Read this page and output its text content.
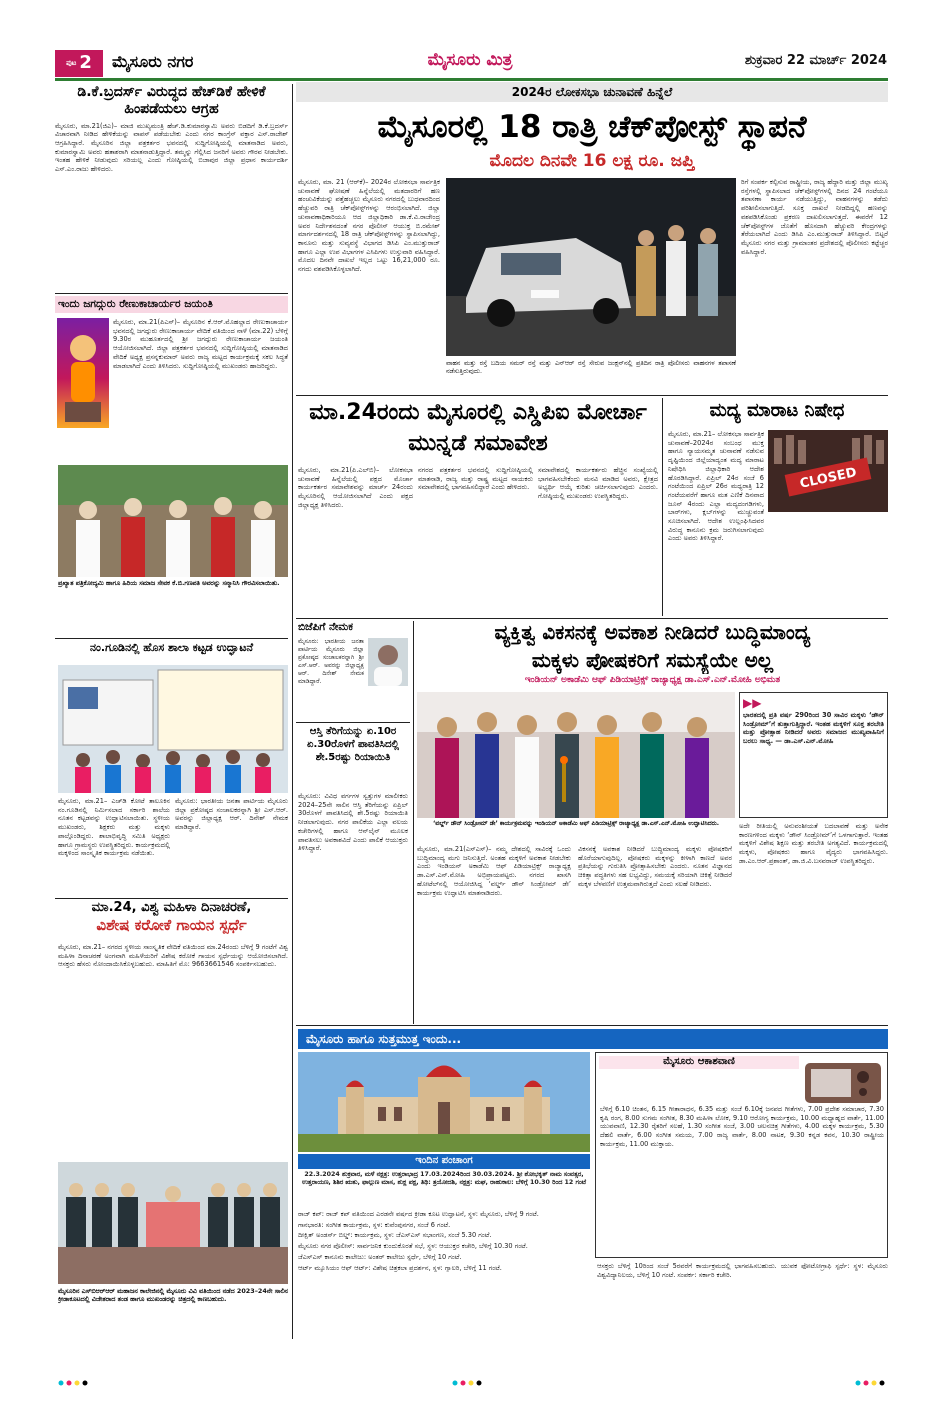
ಪುಟ 2 ಮೈಸೂರು ನಗರ	ಮೈಸೂರು ಮಿತ್ರ	ಶುಕ್ರವಾರ 22 ಮಾರ್ಚ್ 2024
ಡಿ.ಕೆ.ಬ್ರದರ್ಸ್ ವಿರುದ್ಧದ ಹೆಚ್‌ಡಿಕೆ ಹೇಳಿಕೆ ಹಿಂಪಡೆಯಲು ಆಗ್ರಹ
ಮೈಸೂರು, ಮಾ.21(ಜಿಎ)– ಮಾಜಿ ಮುಖ್ಯಮಂತ್ರಿ ಹೆಚ್.ಡಿ.ಕುಮಾರಸ್ವಾಮಿ ಅವರು ಬಿಡದಿಗೆ ಡಿ.ಕೆ.ಬ್ರದರ್ಸ್ ವಿಚಾರವಾಗಿ ನೀಡಿದ ಹೇಳಿಕೆಯನ್ನು ವಾಪಸ್ ಪಡೆಯಬೇಕು ಎಂದು ನಗರ ಕಾಂಗ್ರೆಸ್ ವಕ್ತಾರ ಎಸ್.ರಾಜೇಶ್ ಆಗ್ರಹಿಸಿದ್ದಾರೆ. ಮೈಸೂರಿನ ಜಿಲ್ಲಾ ಪತ್ರಕರ್ತರ ಭವನದಲ್ಲಿ ಸುದ್ದಿಗೋಷ್ಠಿಯಲ್ಲಿ ಮಾತನಾಡಿದ ಅವರು, ಕುಮಾರಸ್ವಾಮಿ ಅವರು ಹತಾಶರಾಗಿ ಮಾತನಾಡುತ್ತಿದ್ದಾರೆ. ತಮ್ಮನ್ನು ಗೆಲ್ಲಿಸಿದ ಜನರಿಗೆ ಅವರು ಗೌರವ ನೀಡಬೇಕು. ಇಂತಹ ಹೇಳಿಕೆ ನೀಡುವುದು ಸರಿಯಲ್ಲ ಎಂದು ಗೋಷ್ಠಿಯಲ್ಲಿ ಬಿಜಾಪುರ ಜಿಲ್ಲಾ ಪ್ರಧಾನ ಕಾರ್ಯದರ್ಶಿ ಎಸ್.ಎಂ.ರಾಜು ಹೇಳಿದರು.
ಇಂದು ಜಗದ್ಗುರು ರೇಣುಕಾಚಾರ್ಯರ ಜಯಂತಿ
ಮೈಸೂರು, ಮಾ.21(ಪಿಎಸ್)– ಮೈಸೂರಿನ ಕೆ.ಆರ್.ಮೊಹಲ್ಲಾದ ರೇಣುಕಾಚಾರ್ಯ ಭವನದಲ್ಲಿ ಜಗದ್ಗುರು ರೇಣುಕಾಚಾರ್ಯ ವೇದಿಕೆ ವತಿಯಿಂದ ನಾಳೆ (ಮಾ.22) ಬೆಳಿಗ್ಗೆ 9.30ರ ಮುಹೂರ್ತದಲ್ಲಿ ಶ್ರೀ ಜಗದ್ಗುರು ರೇಣುಕಾಚಾರ್ಯ ಜಯಂತಿ ಆಯೋಜಿಸಲಾಗಿದೆ. ಜಿಲ್ಲಾ ಪತ್ರಕರ್ತರ ಭವನದಲ್ಲಿ ಸುದ್ದಿಗೋಷ್ಠಿಯಲ್ಲಿ ಮಾತನಾಡಿದ ವೇದಿಕೆ ಅಧ್ಯಕ್ಷ ಪ್ರಸನ್ನಕುಮಾರ್ ಅವರು ರಾಜ್ಯ ಮಟ್ಟದ ಕಾರ್ಯಕ್ರಮಕ್ಕೆ ಸಕಲ ಸಿದ್ಧತೆ ಮಾಡಲಾಗಿದೆ ಎಂದು ತಿಳಿಸಿದರು. ಸುದ್ದಿಗೋಷ್ಠಿಯಲ್ಲಿ ಮುಖಂಡರು ಹಾಜರಿದ್ದರು.
ಪ್ರಖ್ಯಾತ ಪತ್ರಿಕೋದ್ಯಮಿ ಹಾಗೂ ಹಿರಿಯ ಸಮಾಜ ಸೇವಕ ಕೆ.ಬಿ.ಗಣಪತಿ ಅವರನ್ನು ಸನ್ಮಾನಿಸಿ ಗೌರವಿಸಲಾಯಿತು.
ನಂ.ಗೂಡಿನಲ್ಲಿ ಹೊಸ ಶಾಲಾ ಕಟ್ಟಡ ಉದ್ಘಾಟನೆ
ಮೈಸೂರು, ಮಾ.21– ಎಚ್‌ಡಿ ಕೋಟೆ ತಾಲೂಕಿನ ನಂ.ಗೂಡಿನಲ್ಲಿ ನಿರ್ಮಿಸಲಾದ ಸರ್ಕಾರಿ ಶಾಲೆಯ ನೂತನ ಕಟ್ಟಡವನ್ನು ಉದ್ಘಾಟಿಸಲಾಯಿತು. ಸ್ಥಳೀಯ ಮುಖಂಡರು, ಶಿಕ್ಷಕರು ಮತ್ತು ಮಕ್ಕಳು ಪಾಲ್ಗೊಂಡಿದ್ದರು. ಶಾಲಾಭಿವೃದ್ಧಿ ಸಮಿತಿ ಅಧ್ಯಕ್ಷರು ಹಾಗೂ ಗ್ರಾಮಸ್ಥರು ಉಪಸ್ಥಿತರಿದ್ದರು. ಕಾರ್ಯಕ್ರಮದಲ್ಲಿ ಮಕ್ಕಳಿಂದ ಸಾಂಸ್ಕೃತಿಕ ಕಾರ್ಯಕ್ರಮ ನಡೆಯಿತು.
ಮೈಸೂರು: ಭಾರತೀಯ ಜನತಾ ಪಾರ್ಟಿಯ ಮೈಸೂರು ಜಿಲ್ಲಾ ಪ್ರಕೋಷ್ಠದ ಸಂಚಾಲಕರನ್ನಾಗಿ ಶ್ರೀ ಎಸ್.ಆರ್. ಅವರನ್ನು ಜಿಲ್ಲಾಧ್ಯಕ್ಷ ಆರ್. ದಿನೇಶ್ ನೇಮಕ ಮಾಡಿದ್ದಾರೆ.
ಮಾ.24, ವಿಶ್ವ ಮಹಿಳಾ ದಿನಾಚರಣೆ,
ವಿಶೇಷ ಕರೋಕೆ ಗಾಯನ ಸ್ಪರ್ಧೆ
ಮೈಸೂರು, ಮಾ.21– ನಗರದ ಸ್ಥಳೀಯ ಸಾಂಸ್ಕೃತಿಕ ವೇದಿಕೆ ವತಿಯಿಂದ ಮಾ.24ರಂದು ಬೆಳಿಗ್ಗೆ 9 ಗಂಟೆಗೆ ವಿಶ್ವ ಮಹಿಳಾ ದಿನಾಚರಣೆ ಅಂಗವಾಗಿ ಮಹಿಳೆಯರಿಗೆ ವಿಶೇಷ ಕರೋಕೆ ಗಾಯನ ಸ್ಪರ್ಧೆಯನ್ನು ಆಯೋಜಿಸಲಾಗಿದೆ. ಆಸಕ್ತರು ಹೆಸರು ನೋಂದಾಯಿಸಿಕೊಳ್ಳಬಹುದು. ಮಾಹಿತಿಗೆ ಮೊ: 9663661546 ಸಂಪರ್ಕಿಸಬಹುದು.
ಮೈಸೂರಿನ ಎಸ್‌ಬಿಆರ್‌ಆರ್ ಮಹಾಜನ ಕಾಲೇಜಿನಲ್ಲಿ ಮೈಸೂರು ವಿವಿ ವತಿಯಿಂದ ನಡೆದ 2023–24ನೇ ಸಾಲಿನ ಕ್ರೀಡಾಕೂಟದಲ್ಲಿ ವಿಜೇತರಾದ ತಂಡ ಹಾಗೂ ಮುಖಂಡರನ್ನು ಚಿತ್ರದಲ್ಲಿ ಕಾಣಬಹುದು.
2024ರ ಲೋಕಸಭಾ ಚುನಾವಣೆ ಹಿನ್ನೆಲೆ
ಮೈಸೂರಲ್ಲಿ 18 ರಾತ್ರಿ ಚೆಕ್‌ಪೋಸ್ಟ್ ಸ್ಥಾಪನೆ
ಮೊದಲ ದಿನವೇ 16 ಲಕ್ಷ ರೂ. ಜಪ್ತಿ
ಮೈಸೂರು, ಮಾ. 21 (ಆರ್‌ಕೆ)– 2024ರ ಲೋಕಸಭಾ ಸಾರ್ವತ್ರಿಕ ಚುನಾವಣೆ ಘೋಷಣೆ ಹಿನ್ನೆಲೆಯಲ್ಲಿ ಮತದಾರರಿಗೆ ಹಣ ಹಂಚುವಿಕೆಯನ್ನು ಪತ್ತೆಹಚ್ಚಲು ಮೈಸೂರು ನಗರದಲ್ಲಿ ಬುಧವಾರದಿಂದ ಹೆಚ್ಚುವರಿ ರಾತ್ರಿ ಚೆಕ್‌ಪೋಸ್ಟ್‌ಗಳನ್ನು ಆರಂಭಿಸಲಾಗಿದೆ. ಜಿಲ್ಲಾ ಚುನಾವಣಾಧಿಕಾರಿಯೂ ಆದ ಜಿಲ್ಲಾಧಿಕಾರಿ ಡಾ.ಕೆ.ವಿ.ರಾಜೇಂದ್ರ ಅವರ ನಿರ್ದೇಶನದಂತೆ ನಗರ ಪೊಲೀಸ್ ಆಯುಕ್ತ ಬಿ.ರಮೇಶ್ ಮಾರ್ಗದರ್ಶನದಲ್ಲಿ 18 ರಾತ್ರಿ ಚೆಕ್‌ಪೋಸ್ಟ್‌ಗಳನ್ನು ಸ್ಥಾಪಿಸಲಾಗಿದ್ದು, ಕಾನೂನು ಮತ್ತು ಸುವ್ಯವಸ್ಥೆ ವಿಭಾಗದ ಡಿಸಿಪಿ ಎಂ.ಮುತ್ತುರಾಜ್ ಹಾಗೂ ಎಲ್ಲಾ ಉಪ ವಿಭಾಗಗಳ ಎಸಿಪಿಗಳು ಉಸ್ತುವಾರಿ ವಹಿಸಿದ್ದಾರೆ. ಮೊದಲ ದಿನವೇ ದಾಖಲೆ ಇಲ್ಲದ ಒಟ್ಟು 16,21,000 ರೂ. ನಗದು ವಶಪಡಿಸಿಕೊಳ್ಳಲಾಗಿದೆ.
ರಿಗೆ ಸಂಪರ್ಕ ಕಲ್ಪಿಸುವ ರಾಷ್ಟ್ರೀಯ, ರಾಜ್ಯ ಹೆದ್ದಾರಿ ಮತ್ತು ಜಿಲ್ಲಾ ಮುಖ್ಯ ರಸ್ತೆಗಳಲ್ಲಿ ಸ್ಥಾಪಿಸಲಾದ ಚೆಕ್‌ಪೋಸ್ಟ್‌ಗಳಲ್ಲಿ ದಿನದ 24 ಗಂಟೆಯೂ ತಪಾಸಣಾ ಕಾರ್ಯ ನಡೆಯುತ್ತಿದ್ದು, ವಾಹನಗಳನ್ನು ತಡೆದು ಪರಿಶೀಲಿಸಲಾಗುತ್ತಿದೆ. ಸೂಕ್ತ ದಾಖಲೆ ನೀಡದಿದ್ದಲ್ಲಿ ಹಣವನ್ನು ವಶಪಡಿಸಿಕೊಂಡು ಪ್ರಕರಣ ದಾಖಲಿಸಲಾಗುತ್ತದೆ. ಈವರೆಗೆ 12 ಚೆಕ್‌ಪೋಸ್ಟ್‌ಗಳ ಜೊತೆಗೆ ಹೊಸದಾಗಿ ಹೆಚ್ಚುವರಿ ಕೇಂದ್ರಗಳನ್ನು ತೆರೆಯಲಾಗಿದೆ ಎಂದು ಡಿಸಿಪಿ ಎಂ.ಮುತ್ತುರಾಜ್ ತಿಳಿಸಿದ್ದಾರೆ. ಬಿಟ್ಟರೆ ಮೈಸೂರು ನಗರ ಮತ್ತು ಗ್ರಾಮಾಂತರ ಪ್ರದೇಶದಲ್ಲಿ ಪೊಲೀಸರು ಕಟ್ಟೆಚ್ಚರ ವಹಿಸಿದ್ದಾರೆ.
ವಾಹನ ಮತ್ತು ರಸ್ತೆ ಬದಿಯ ಸಮರ್ ರಸ್ತೆ ಮತ್ತು ಎನ್ಆರ್ ರಸ್ತೆ ಸೇರುವ ಜಂಕ್ಷನ್‌ನಲ್ಲಿ ಪ್ರತಿದಿನ ರಾತ್ರಿ ಪೊಲೀಸರು ವಾಹನಗಳ ತಪಾಸಣೆ ನಡೆಸುತ್ತಿರುವುದು.
ಮಾ.24ರಂದು ಮೈಸೂರಲ್ಲಿ ಎಸ್ಡಿಪಿಐ ಮೋರ್ಚಾ ಮುನ್ನಡೆ ಸಮಾವೇಶ
ಮೈಸೂರು, ಮಾ.21(ಪಿ.ಎಲ್‌ಬಿ)– ಲೋಕಸಭಾ ಚುನಾವಣೆ ಹಿನ್ನೆಲೆಯಲ್ಲಿ ಪಕ್ಷದ ಮೊರ್ಚಾ ಕಾರ್ಯಕರ್ತರ ಸಮಾವೇಶವನ್ನು ಮಾರ್ಚ್ 24ರಂದು ಮೈಸೂರಿನಲ್ಲಿ ಆಯೋಜಿಸಲಾಗಿದೆ ಎಂದು ಪಕ್ಷದ ಜಿಲ್ಲಾಧ್ಯಕ್ಷ ತಿಳಿಸಿದರು.
ನಗರದ ಪತ್ರಕರ್ತರ ಭವನದಲ್ಲಿ ಸುದ್ದಿಗೋಷ್ಠಿಯಲ್ಲಿ ಮಾತನಾಡಿ, ರಾಜ್ಯ ಮತ್ತು ರಾಷ್ಟ್ರ ಮಟ್ಟದ ನಾಯಕರು ಸಮಾವೇಶದಲ್ಲಿ ಭಾಗವಹಿಸಲಿದ್ದಾರೆ ಎಂದು ಹೇಳಿದರು.
ಸಮಾವೇಶದಲ್ಲಿ ಕಾರ್ಯಕರ್ತರು ಹೆಚ್ಚಿನ ಸಂಖ್ಯೆಯಲ್ಲಿ ಭಾಗವಹಿಸಬೇಕೆಂದು ಮನವಿ ಮಾಡಿದ ಅವರು, ಕ್ಷೇತ್ರದ ಅಭ್ಯರ್ಥಿ ಆಯ್ಕೆ ಕುರಿತು ಚರ್ಚಿಸಲಾಗುವುದು ಎಂದರು. ಗೋಷ್ಠಿಯಲ್ಲಿ ಮುಖಂಡರು ಉಪಸ್ಥಿತರಿದ್ದರು.
ಮದ್ಯ ಮಾರಾಟ ನಿಷೇಧ
CLOSED
ಮೈಸೂರು, ಮಾ.21– ಲೋಕಸಭಾ ಸಾರ್ವತ್ರಿಕ ಚುನಾವಣೆ–2024ರ ಸಂಬಂಧ ಮುಕ್ತ ಹಾಗೂ ನ್ಯಾಯಸಮ್ಮತ ಚುನಾವಣೆ ನಡೆಸುವ ದೃಷ್ಟಿಯಿಂದ ಜಿಲ್ಲೆಯಾದ್ಯಂತ ಮದ್ಯ ಮಾರಾಟ ನಿಷೇಧಿಸಿ ಜಿಲ್ಲಾಧಿಕಾರಿ ಆದೇಶ ಹೊರಡಿಸಿದ್ದಾರೆ. ಏಪ್ರಿಲ್ 24ರ ಸಂಜೆ 6 ಗಂಟೆಯಿಂದ ಏಪ್ರಿಲ್ 26ರ ಮಧ್ಯರಾತ್ರಿ 12 ಗಂಟೆಯವರೆಗೆ ಹಾಗೂ ಮತ ಎಣಿಕೆ ದಿನವಾದ ಜೂನ್ 4ರಂದು ಎಲ್ಲಾ ಮದ್ಯದಂಗಡಿಗಳು, ಬಾರ್‌ಗಳು, ಕ್ಲಬ್‌ಗಳನ್ನು ಮುಚ್ಚುವಂತೆ ಸೂಚಿಸಲಾಗಿದೆ. ಆದೇಶ ಉಲ್ಲಂಘಿಸಿದವರ ವಿರುದ್ಧ ಕಾನೂನು ಕ್ರಮ ಜರುಗಿಸಲಾಗುವುದು ಎಂದು ಅವರು ತಿಳಿಸಿದ್ದಾರೆ.
ಬಿಜೆಪಿಗೆ ನೇಮಕ
ಮೈಸೂರು: ಭಾರತೀಯ ಜನತಾ ಪಾರ್ಟಿಯ ಮೈಸೂರು ಜಿಲ್ಲಾ ಪ್ರಕೋಷ್ಠದ ಸಂಚಾಲಕರನ್ನಾಗಿ ಶ್ರೀ ಎಸ್.ಆರ್. ಅವರನ್ನು ಜಿಲ್ಲಾಧ್ಯಕ್ಷ ಆರ್. ದಿನೇಶ್ ನೇಮಕ ಮಾಡಿದ್ದಾರೆ.
ಆಸ್ತಿ ತೆರಿಗೆಯನ್ನು ಏ.10ರ ಏ.30ರೊಳಗೆ ಪಾವತಿಸಿದಲ್ಲಿ ಶೇ.5ರಷ್ಟು ರಿಯಾಯಿತಿ
ಮೈಸೂರು: ವಿವಿಧ ವರ್ಗಗಳ ಸ್ವತ್ತುಗಳ ಮಾಲೀಕರು 2024–25ನೇ ಸಾಲಿನ ಆಸ್ತಿ ತೆರಿಗೆಯನ್ನು ಏಪ್ರಿಲ್ 30ರೊಳಗೆ ಪಾವತಿಸಿದಲ್ಲಿ ಶೇ.5ರಷ್ಟು ರಿಯಾಯಿತಿ ನೀಡಲಾಗುವುದು. ನಗರ ಪಾಲಿಕೆಯ ಎಲ್ಲಾ ವಲಯ ಕಚೇರಿಗಳಲ್ಲಿ ಹಾಗೂ ಆನ್‌ಲೈನ್ ಮೂಲಕ ಪಾವತಿಸಲು ಅವಕಾಶವಿದೆ ಎಂದು ಪಾಲಿಕೆ ಆಯುಕ್ತರು ತಿಳಿಸಿದ್ದಾರೆ.
ವ್ಯಕ್ತಿತ್ವ ವಿಕಸನಕ್ಕೆ ಅವಕಾಶ ನೀಡಿದರೆ ಬುದ್ಧಿಮಾಂದ್ಯ
ಮಕ್ಕಳು ಪೋಷಕರಿಗೆ ಸಮಸ್ಯೆಯೇ ಅಲ್ಲ
ಇಂಡಿಯನ್ ಅಕಾಡೆಮಿ ಆಫ್ ಪಿಡಿಯಾಟ್ರಿಕ್ಸ್ ರಾಜ್ಯಾಧ್ಯಕ್ಷ ಡಾ.ಎಸ್.ಎನ್.ಮೋಹಿ ಅಭಿಮತ
▶▶
ಭಾರತದಲ್ಲಿ ಪ್ರತಿ ವರ್ಷ 290ರಿಂದ 30 ಸಾವಿರ ಮಕ್ಕಳು ‘ಡೌನ್ ಸಿಂಡ್ರೋಮ್’ಗೆ ತುತ್ತಾಗುತ್ತಿದ್ದಾರೆ. ಇಂತಹ ಮಕ್ಕಳಿಗೆ ಸೂಕ್ತ ತರಬೇತಿ ಮತ್ತು ಪ್ರೋತ್ಸಾಹ ನೀಡಿದರೆ ಅವರು ಸಮಾಜದ ಮುಖ್ಯವಾಹಿನಿಗೆ ಬರಲು ಸಾಧ್ಯ. — ಡಾ.ಎಸ್.ಎನ್.ಮೋಹಿ
‘ವರ್ಲ್ಡ್ ಡೌನ್ ಸಿಂಡ್ರೋಮ್ ಡೇ’ ಕಾರ್ಯಕ್ರಮವನ್ನು ಇಂಡಿಯನ್ ಅಕಾಡೆಮಿ ಆಫ್ ಪಿಡಿಯಾಟ್ರಿಕ್ಸ್ ರಾಜ್ಯಾಧ್ಯಕ್ಷ ಡಾ.ಎಸ್.ಎನ್.ಮೋಹಿ ಉದ್ಘಾಟಿಸಿದರು.
ಮೈಸೂರು, ಮಾ.21(ಎಸ್‌ಎಸ್)– ನಮ್ಮ ದೇಶದಲ್ಲಿ ಸಾವಿರಕ್ಕೆ ಒಂದು ಬುದ್ಧಿಮಾಂದ್ಯ ಮಗು ಜನಿಸುತ್ತಿದೆ. ಅಂತಹ ಮಕ್ಕಳಿಗೆ ಅವಕಾಶ ನೀಡಬೇಕು ಎಂದು ಇಂಡಿಯನ್ ಅಕಾಡೆಮಿ ಆಫ್ ಪಿಡಿಯಾಟ್ರಿಕ್ಸ್ ರಾಜ್ಯಾಧ್ಯಕ್ಷ ಡಾ.ಎಸ್.ಎನ್.ಮೋಹಿ ಅಭಿಪ್ರಾಯಪಟ್ಟರು. ನಗರದ ಖಾಸಗಿ ಹೋಟೆಲ್‌ನಲ್ಲಿ ಆಯೋಜಿಸಿದ್ದ ‘ವರ್ಲ್ಡ್ ಡೌನ್ ಸಿಂಡ್ರೋಮ್ ಡೇ’ ಕಾರ್ಯಕ್ರಮ ಉದ್ಘಾಟಿಸಿ ಮಾತನಾಡಿದರು.
ವಿಕಸನಕ್ಕೆ ಅವಕಾಶ ನೀಡಿದರೆ ಬುದ್ಧಿಮಾಂದ್ಯ ಮಕ್ಕಳು ಪೋಷಕರಿಗೆ ಹೊರೆಯಾಗುವುದಿಲ್ಲ. ಪೋಷಕರು ಮಕ್ಕಳನ್ನು ಕೀಳಾಗಿ ಕಾಣದೆ ಅವರ ಪ್ರತಿಭೆಯನ್ನು ಗುರುತಿಸಿ ಪ್ರೋತ್ಸಾಹಿಸಬೇಕು ಎಂದರು. ನೂತನ ವಿಜ್ಞಾನದ ಚಿಕಿತ್ಸಾ ಪದ್ಧತಿಗಳು ಸಹ ಲಭ್ಯವಿದ್ದು, ಸಮಯಕ್ಕೆ ಸರಿಯಾಗಿ ಚಿಕಿತ್ಸೆ ನೀಡಿದರೆ ಮಕ್ಕಳ ಬೆಳವಣಿಗೆ ಉತ್ತಮವಾಗಿರುತ್ತದೆ ಎಂದು ಸಲಹೆ ನೀಡಿದರು.
ಅದೇ ರೀತಿಯಲ್ಲಿ ಅನುವಂಶೀಯತೆ ಬದಲಾವಣೆ ಮತ್ತು ಅನೇಕ ಕಾರಣಗಳಿಂದ ಮಕ್ಕಳು ‘ಡೌನ್ ಸಿಂಡ್ರೋಮ್’ಗೆ ಒಳಗಾಗುತ್ತಾರೆ. ಇಂತಹ ಮಕ್ಕಳಿಗೆ ವಿಶೇಷ ಶಿಕ್ಷಣ ಮತ್ತು ತರಬೇತಿ ಅಗತ್ಯವಿದೆ. ಕಾರ್ಯಕ್ರಮದಲ್ಲಿ ಮಕ್ಕಳು, ಪೋಷಕರು ಹಾಗೂ ವೈದ್ಯರು ಭಾಗವಹಿಸಿದ್ದರು. ಡಾ.ಎಂ.ಆರ್.ಪ್ರಶಾಂತ್, ಡಾ.ಜಿ.ವಿ.ಬಸವರಾಜ್ ಉಪಸ್ಥಿತರಿದ್ದರು.
ಮೈಸೂರು ಹಾಗೂ ಸುತ್ತಮುತ್ತ ಇಂದು...
ಇಂದಿನ ಪಂಚಾಂಗ
22.3.2024 ಶುಕ್ರವಾರ, ಮಳೆ ನಕ್ಷತ್ರ: ಉತ್ತರಾಭಾದ್ರ 17.03.2024ರಿಂದ 30.03.2024. ಶ್ರೀ ಶೋಭಕೃತ್ ನಾಮ ಸಂವತ್ಸರ, ಉತ್ತರಾಯಣ, ಶಿಶಿರ ಋತು, ಫಾಲ್ಗುಣ ಮಾಸ, ಶುಕ್ಲ ಪಕ್ಷ, ತಿಥಿ: ತ್ರಯೋದಶಿ, ನಕ್ಷತ್ರ: ಮಘ, ರಾಹುಕಾಲ: ಬೆಳಿಗ್ಗೆ 10.30 ರಿಂದ 12 ಗಂಟೆ
ಮೈಸೂರು ಆಕಾಶವಾಣಿ
ಬೆಳಿಗ್ಗೆ 6.10 ಚಿಂತನ, 6.15 ಗೀತಾರಾಧನ, 6.35 ಮತ್ತು ಸಂಜೆ 6.10ಕ್ಕೆ ಜನಪದ ಗೀತೆಗಳು, 7.00 ಪ್ರದೇಶ ಸಮಾಚಾರ, 7.30 ಕೃಷಿ ರಂಗ, 8.00 ಸುಗಮ ಸಂಗೀತ, 8.30 ಮಹಿಳಾ ಲೋಕ, 9.10 ಆರೋಗ್ಯ ಕಾರ್ಯಕ್ರಮ, 10.00 ಮಧ್ಯಾಹ್ನದ ವಾರ್ತೆ, 11.00 ಯುವವಾಣಿ, 12.30 ರೈತರಿಗೆ ಸಲಹೆ, 1.30 ಸಂಗೀತ ಸಂಜೆ, 3.00 ಚಲನಚಿತ್ರ ಗೀತೆಗಳು, 4.00 ಮಕ್ಕಳ ಕಾರ್ಯಕ್ರಮ, 5.30 ದೆಹಲಿ ವಾರ್ತೆ, 6.00 ಸಂಗೀತ ಸಮಯ, 7.00 ರಾಜ್ಯ ವಾರ್ತೆ, 8.00 ನಾಟಕ, 9.30 ಕನ್ನಡ ಕವನ, 10.30 ರಾಷ್ಟ್ರೀಯ ಕಾರ್ಯಕ್ರಮ, 11.00 ಮುಕ್ತಾಯ.
ರಾಜ್ ಕಪ್: ರಾಜ್ ಕಪ್ ವತಿಯಿಂದ ಎರಡನೇ ವರ್ಷದ ಕ್ರೀಡಾ ಕೂಟ ಉದ್ಘಾಟನೆ, ಸ್ಥಳ: ಮೈಸೂರು, ಬೆಳಿಗ್ಗೆ 9 ಗಂಟೆ.
ಗಾನಭಾರತಿ: ಸಂಗೀತ ಕಾರ್ಯಕ್ರಮ, ಸ್ಥಳ: ಕುವೆಂಪುನಗರ, ಸಂಜೆ 6 ಗಂಟೆ.
ದೀಕ್ಷಿತ್ ಅಂಡರ್ಸ್ ಬಿಲ್ಡ್: ಕಾರ್ಯಕ್ರಮ, ಸ್ಥಳ: ಜೆಎಸ್‌ಎಸ್ ಸಭಾಂಗಣ, ಸಂಜೆ 5.30 ಗಂಟೆ.
ಮೈಸೂರು ನಗರ ಪೊಲೀಸ್: ಸಾರ್ವಜನಿಕ ಕುಂದುಕೊರತೆ ಸಭೆ, ಸ್ಥಳ: ಆಯುಕ್ತರ ಕಚೇರಿ, ಬೆಳಿಗ್ಗೆ 10.30 ಗಂಟೆ.
ಜೆಎಸ್‌ಎಸ್ ಕಾನೂನು ಕಾಲೇಜು: ಅಂತರ್ ಕಾಲೇಜು ಸ್ಪರ್ಧೆ, ಬೆಳಿಗ್ಗೆ 10 ಗಂಟೆ.
ಆರ್ಟ್ ಮ್ಯೂಸಿಯಂ ಆಫ್ ಆರ್ಟ್: ವಿಶೇಷ ಚಿತ್ರಕಲಾ ಪ್ರದರ್ಶನ, ಸ್ಥಳ: ಗ್ಯಾಲರಿ, ಬೆಳಿಗ್ಗೆ 11 ಗಂಟೆ.	ಆಸಕ್ತರು ಬೆಳಿಗ್ಗೆ 10ರಿಂದ ಸಂಜೆ 5ರವರೆಗೆ ಕಾರ್ಯಕ್ರಮದಲ್ಲಿ ಭಾಗವಹಿಸಬಹುದು. ಯುವಕ ಫೋಟೋಗ್ರಾಫಿ ಸ್ಪರ್ಧೆ: ಸ್ಥಳ: ಮೈಸೂರು ವಿಶ್ವವಿದ್ಯಾನಿಲಯ, ಬೆಳಿಗ್ಗೆ 10 ಗಂಟೆ. ಸಂಪರ್ಕ: ಸರ್ಕಾರಿ ಕಚೇರಿ.
